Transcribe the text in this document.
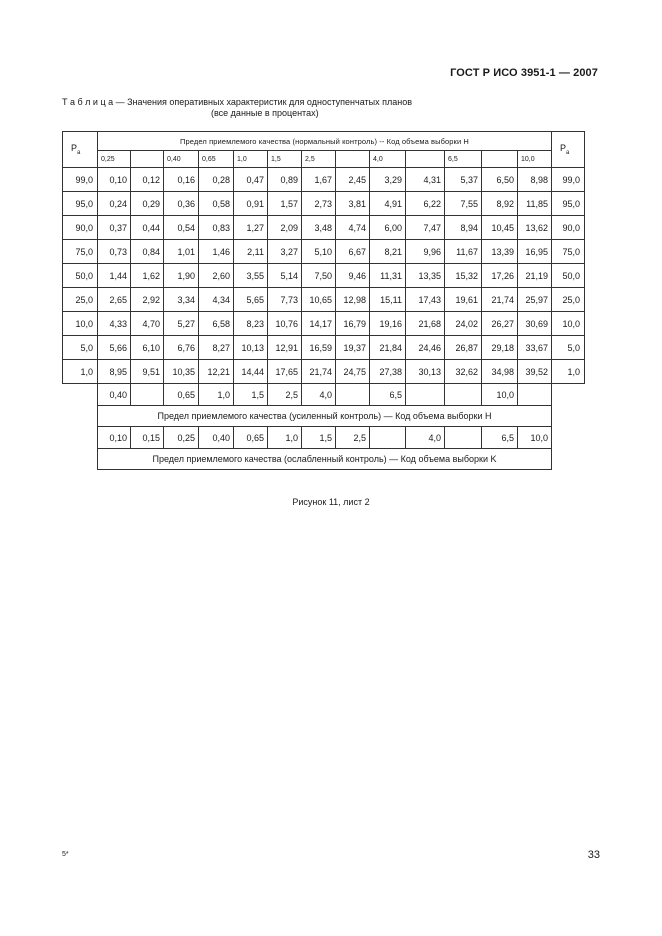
ГОСТ Р ИСО 3951-1 — 2007
Т а б л и ц а — Значения оперативных характеристик для одноступенчатых планов
(все данные в процентах)
$P_a$	Предел приемлемого качества (нормальный контроль) -- Код объема выборки H													$P_a$
	0,25		0,40	0,65	1,0	1,5	2,5		4,0		6,5		10,0	
99,0	0,10	0,12	0,16	0,28	0,47	0,89	1,67	2,45	3,29	4,31	5,37	6,50	8,98	99,0
95,0	0,24	0,29	0,36	0,58	0,91	1,57	2,73	3,81	4,91	6,22	7,55	8,92	11,85	95,0
90,0	0,37	0,44	0,54	0,83	1,27	2,09	3,48	4,74	6,00	7,47	8,94	10,45	13,62	90,0
75,0	0,73	0,84	1,01	1,46	2,11	3,27	5,10	6,67	8,21	9,96	11,67	13,39	16,95	75,0
50,0	1,44	1,62	1,90	2,60	3,55	5,14	7,50	9,46	11,31	13,35	15,32	17,26	21,19	50,0
25,0	2,65	2,92	3,34	4,34	5,65	7,73	10,65	12,98	15,11	17,43	19,61	21,74	25,97	25,0
10,0	4,33	4,70	5,27	6,58	8,23	10,76	14,17	16,79	19,16	21,68	24,02	26,27	30,69	10,0
5,0	5,66	6,10	6,76	8,27	10,13	12,91	16,59	19,37	21,84	24,46	26,87	29,18	33,67	5,0
1,0	8,95	9,51	10,35	12,21	14,44	17,65	21,74	24,75	27,38	30,13	32,62	34,98	39,52	1,0
	0,40		0,65	1,0	1,5	2,5	4,0		6,5			10,0		
	Предел приемлемого качества (усиленный контроль) — Код объема выборки H													
	0,10	0,15	0,25	0,40	0,65	1,0	1,5	2,5		4,0		6,5	10,0	
	Предел приемлемого качества (ослабленный контроль) — Код объема выборки K													
Рисунок 11, лист 2
5*	33
